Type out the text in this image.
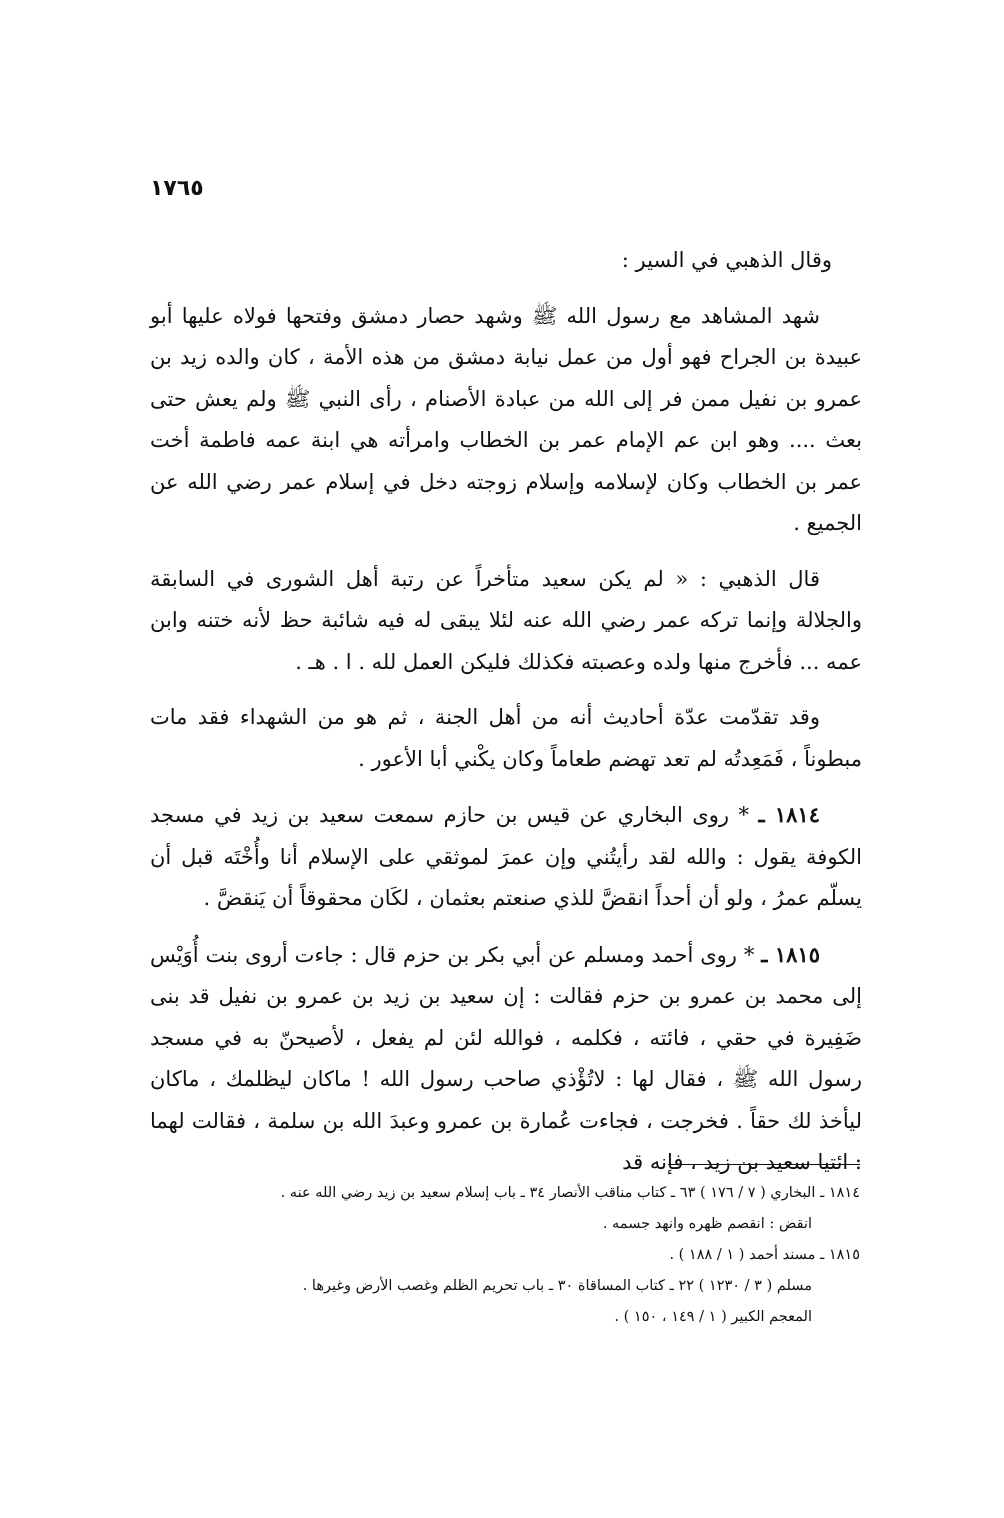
١٧٦٥

وقال الذهبي في السير :

شهد المشاهد مع رسول الله ﷺ وشهد حصار دمشق وفتحها فولاه عليها أبو عبيدة بن الجراح فهو أول من عمل نيابة دمشق من هذه الأمة ، كان والده زيد بن عمرو بن نفيل ممن فر إلى الله من عبادة الأصنام ، رأى النبي ﷺ ولم يعش حتى بعث .... وهو ابن عم الإمام عمر بن الخطاب وامرأته هي ابنة عمه فاطمة أخت عمر بن الخطاب وكان لإسلامه وإسلام زوجته دخل في إسلام عمر رضي الله عن الجميع .

قال الذهبي : « لم يكن سعيد متأخراً عن رتبة أهل الشورى في السابقة والجلالة وإنما تركه عمر رضي الله عنه لئلا يبقى له فيه شائبة حظ لأنه ختنه وابن عمه ... فأخرج منها ولده وعصبته فكذلك فليكن العمل لله . ا . هـ .

وقد تقدّمت عدّة أحاديث أنه من أهل الجنة ، ثم هو من الشهداء فقد مات مبطوناً ، فَمَعِدتُه لم تعد تهضم طعاماً وكان يكْني أبا الأعور .

١٨١٤ ـ * روى البخاري عن قيس بن حازم سمعت سعيد بن زيد في مسجد الكوفة يقول : والله لقد رأيتُني وإن عمرَ لموثقي على الإسلام أنا وأُخْتَه قبل أن يسلّم عمرُ ، ولو أن أحداً انقضَّ للذي صنعتم بعثمان ، لكَان محقوقاً أن يَنقضَّ .

١٨١٥ ـ * روى أحمد ومسلم عن أبي بكر بن حزم قال : جاءت أروى بنت أُوَيْس إلى محمد بن عمرو بن حزم فقالت : إن سعيد بن زيد بن عمرو بن نفيل قد بنى ضَفِيرة في حقي ، فائته ، فكلمه ، فوالله لئن لم يفعل ، لأصيحنّ به في مسجد رسول الله ﷺ ، فقال لها : لاتُؤْذي صاحب رسول الله ! ماكان ليظلمك ، ماكان ليأخذ لك حقاً . فخرجت ، فجاءت عُمارة بن عمرو وعبدَ الله بن سلمة ، فقالت لهما : ائتيا سعيد بن زيد ، فإنه قد

١٨١٤ ـ البخاري ( ٧ / ١٧٦ ) ٦٣ ـ كتاب مناقب الأنصار ٣٤ ـ باب إسلام سعيد بن زيد رضي الله عنه .
انقض : انقصم ظهره وانهد جسمه .
١٨١٥ ـ مسند أحمد ( ١ / ١٨٨ ) .
مسلم ( ٣ / ١٢٣٠ ) ٢٢ ـ كتاب المساقاة ٣٠ ـ باب تحريم الظلم وغصب الأرض وغيرها .
المعجم الكبير ( ١ / ١٤٩ ، ١٥٠ ) .
